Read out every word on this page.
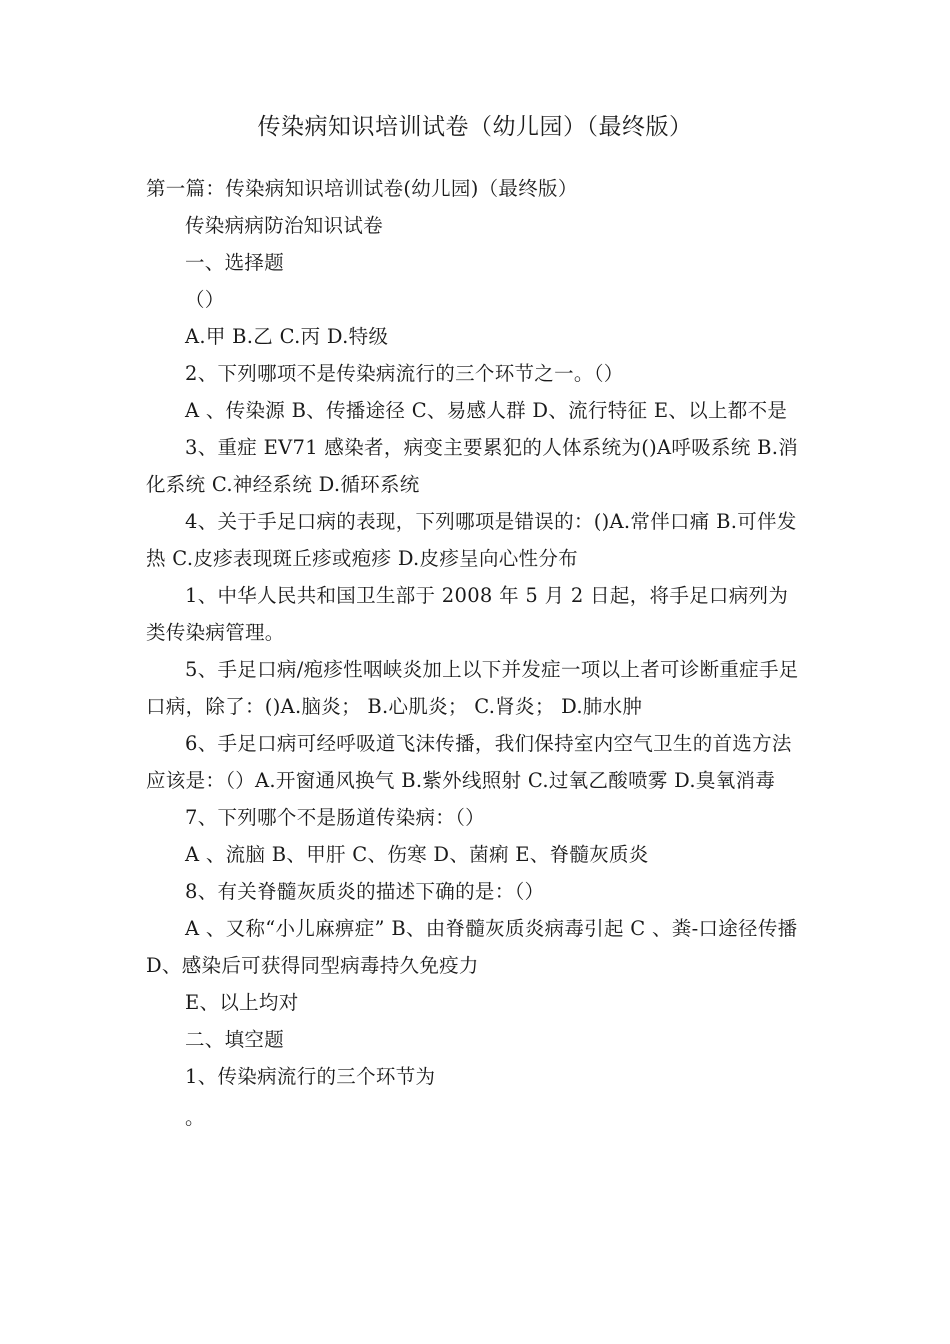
传染病知识培训试卷（幼儿园）（最终版）

第一篇：传染病知识培训试卷(幼儿园)（最终版）

传染病病防治知识试卷

一、选择题

（）

A.甲 B.乙 C.丙 D.特级

2、下列哪项不是传染病流行的三个环节之一。（）

A 、传染源 B、传播途径 C、易感人群 D、流行特征 E、以上都不是

3、重症 EV71 感染者，病变主要累犯的人体系统为()A呼吸系统 B.消化系统 C.神经系统 D.循环系统

4、关于手足口病的表现，下列哪项是错误的：()A.常伴口痛 B.可伴发热 C.皮疹表现斑丘疹或疱疹 D.皮疹呈向心性分布

1、中华人民共和国卫生部于 2008 年 5 月 2 日起，将手足口病列为 类传染病管理。

5、手足口病/疱疹性咽峡炎加上以下并发症一项以上者可诊断重症手足口病，除了：()A.脑炎； B.心肌炎； C.肾炎； D.肺水肿

6、手足口病可经呼吸道飞沫传播，我们保持室内空气卫生的首选方法应该是：（）A.开窗通风换气 B.紫外线照射 C.过氧乙酸喷雾 D.臭氧消毒

7、下列哪个不是肠道传染病：（）

A 、流脑 B、甲肝 C、伤寒 D、菌痢 E、脊髓灰质炎

8、有关脊髓灰质炎的描述下确的是：（）

A 、又称“小儿麻痹症” B、由脊髓灰质炎病毒引起 C 、粪-口途径传播 D、感染后可获得同型病毒持久免疫力

E、以上均对

二、填空题

1、传染病流行的三个环节为

。
